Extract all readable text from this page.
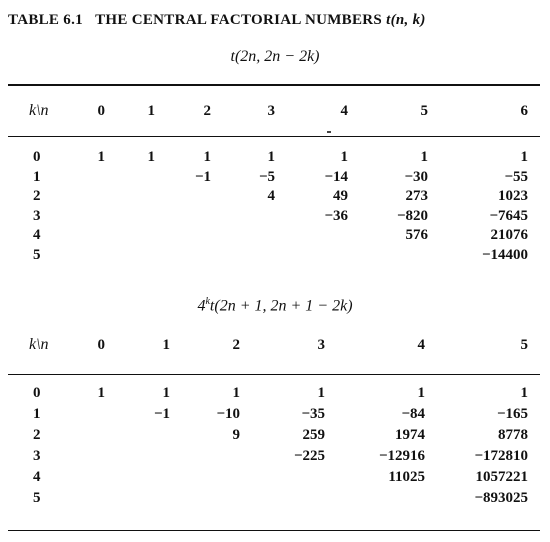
TABLE 6.1 THE CENTRAL FACTORIAL NUMBERS t(n, k)
t(2n, 2n − 2k)
k\n	0	1	2	3	4	5	6	
0	1	1	1	1	1	1	1	
1			−1	−5	−14	−30	−55	
2				4	49	273	1023	
3					−36	−820	−7645	
4						576	21076	
5							−14400	
$4^kt(2n + 1$, 2n + 1 − 2k)
k\n	0	1	2	3	4	5	
0	1	1	1	1	1	1	
1		−1	−10	−35	−84	−165	
2			9	259	1974	8778	
3				−225	−12916	−172810	
4					11025	1057221	
5						−893025	
